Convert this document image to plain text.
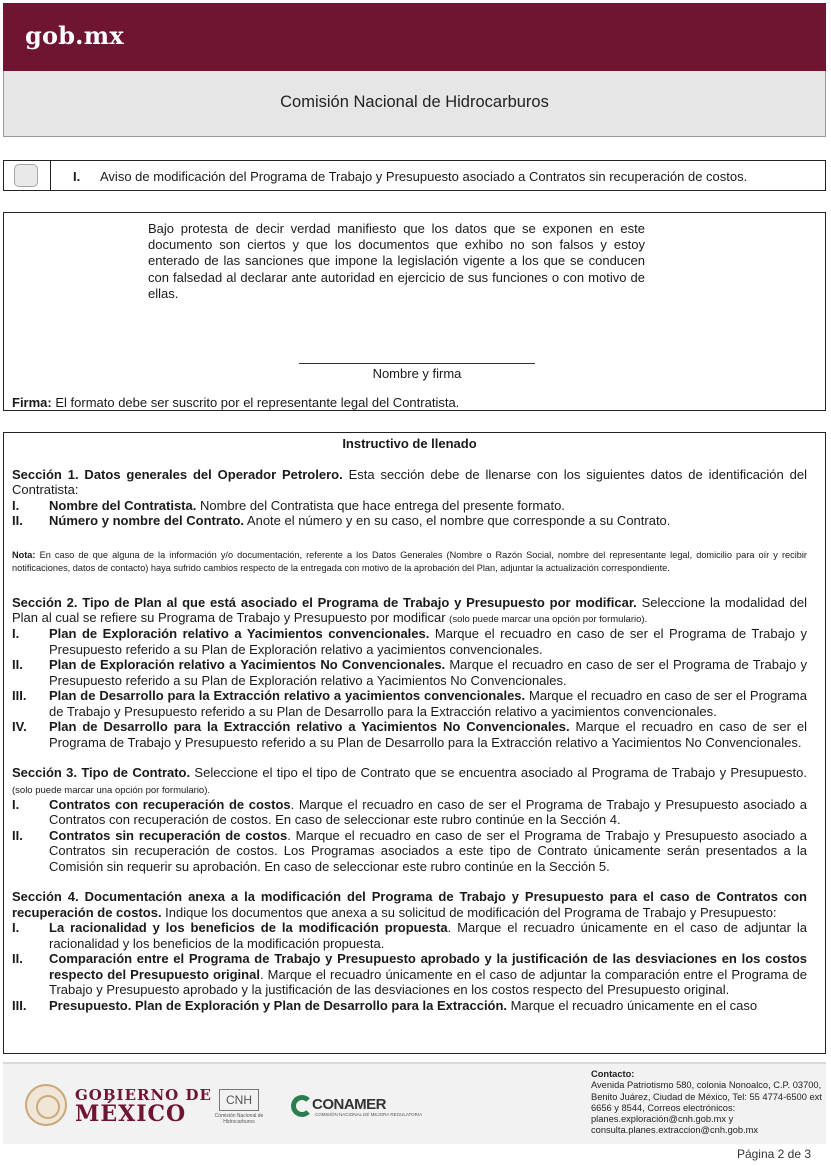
gob.mx
Comisión Nacional de Hidrocarburos
I. Aviso de modificación del Programa de Trabajo y Presupuesto asociado a Contratos sin recuperación de costos.
Bajo protesta de decir verdad manifiesto que los datos que se exponen en este documento son ciertos y que los documentos que exhibo no son falsos y estoy enterado de las sanciones que impone la legislación vigente a los que se conducen con falsedad al declarar ante autoridad en ejercicio de sus funciones o con motivo de ellas.
Nombre y firma
Firma: El formato debe ser suscrito por el representante legal del Contratista.
Instructivo de llenado

Sección 1. Datos generales del Operador Petrolero. Esta sección debe de llenarse con los siguientes datos de identificación del Contratista:

I.	Nombre del Contratista. Nombre del Contratista que hace entrega del presente formato.
II.	Número y nombre del Contrato. Anote el número y en su caso, el nombre que corresponde a su Contrato.

Nota: En caso de que alguna de la información y/o documentación, referente a los Datos Generales (Nombre o Razón Social, nombre del representante legal, domicilio para oír y recibir notificaciones, datos de contacto) haya sufrido cambios respecto de la entregada con motivo de la aprobación del Plan, adjuntar la actualización correspondiente.

Sección 2. Tipo de Plan al que está asociado el Programa de Trabajo y Presupuesto por modificar. Seleccione la modalidad del Plan al cual se refiere su Programa de Trabajo y Presupuesto por modificar (solo puede marcar una opción por formulario).

I.	Plan de Exploración relativo a Yacimientos convencionales. Marque el recuadro en caso de ser el Programa de Trabajo y Presupuesto referido a su Plan de Exploración relativo a yacimientos convencionales.
II.	Plan de Exploración relativo a Yacimientos No Convencionales. Marque el recuadro en caso de ser el Programa de Trabajo y Presupuesto referido a su Plan de Exploración relativo a Yacimientos No Convencionales.
III.	Plan de Desarrollo para la Extracción relativo a yacimientos convencionales. Marque el recuadro en caso de ser el Programa de Trabajo y Presupuesto referido a su Plan de Desarrollo para la Extracción relativo a yacimientos convencionales.
IV.	Plan de Desarrollo para la Extracción relativo a Yacimientos No Convencionales. Marque el recuadro en caso de ser el Programa de Trabajo y Presupuesto referido a su Plan de Desarrollo para la Extracción relativo a Yacimientos No Convencionales.

Sección 3. Tipo de Contrato. Seleccione el tipo el tipo de Contrato que se encuentra asociado al Programa de Trabajo y Presupuesto. (solo puede marcar una opción por formulario).

I.	Contratos con recuperación de costos. Marque el recuadro en caso de ser el Programa de Trabajo y Presupuesto asociado a Contratos con recuperación de costos. En caso de seleccionar este rubro continúe en la Sección 4.
II.	Contratos sin recuperación de costos. Marque el recuadro en caso de ser el Programa de Trabajo y Presupuesto asociado a Contratos sin recuperación de costos. Los Programas asociados a este tipo de Contrato únicamente serán presentados a la Comisión sin requerir su aprobación. En caso de seleccionar este rubro continúe en la Sección 5.

Sección 4. Documentación anexa a la modificación del Programa de Trabajo y Presupuesto para el caso de Contratos con recuperación de costos. Indique los documentos que anexa a su solicitud de modificación del Programa de Trabajo y Presupuesto:

I.	La racionalidad y los beneficios de la modificación propuesta. Marque el recuadro únicamente en el caso de adjuntar la racionalidad y los beneficios de la modificación propuesta.
II.	Comparación entre el Programa de Trabajo y Presupuesto aprobado y la justificación de las desviaciones en los costos respecto del Presupuesto original. Marque el recuadro únicamente en el caso de adjuntar la comparación entre el Programa de Trabajo y Presupuesto aprobado y la justificación de las desviaciones en los costos respecto del Presupuesto original.
III.	Presupuesto. Plan de Exploración y Plan de Desarrollo para la Extracción. Marque el recuadro únicamente en el caso
GOBIERNO DE
MÉXICO
CNH
Comisión Nacional de Hidrocarburos
CONAMER
COMISIÓN NACIONAL DE MEJORA REGULATORIA
Contacto:
Avenida Patriotismo 580, colonia Nonoalco, C.P. 03700, Benito Juárez, Ciudad de México, Tel: 55 4774-6500 ext 6656 y 8544, Correos electrónicos: planes.exploración@cnh.gob.mx y consulta.planes.extraccion@cnh.gob.mx
Página 2 de 3
